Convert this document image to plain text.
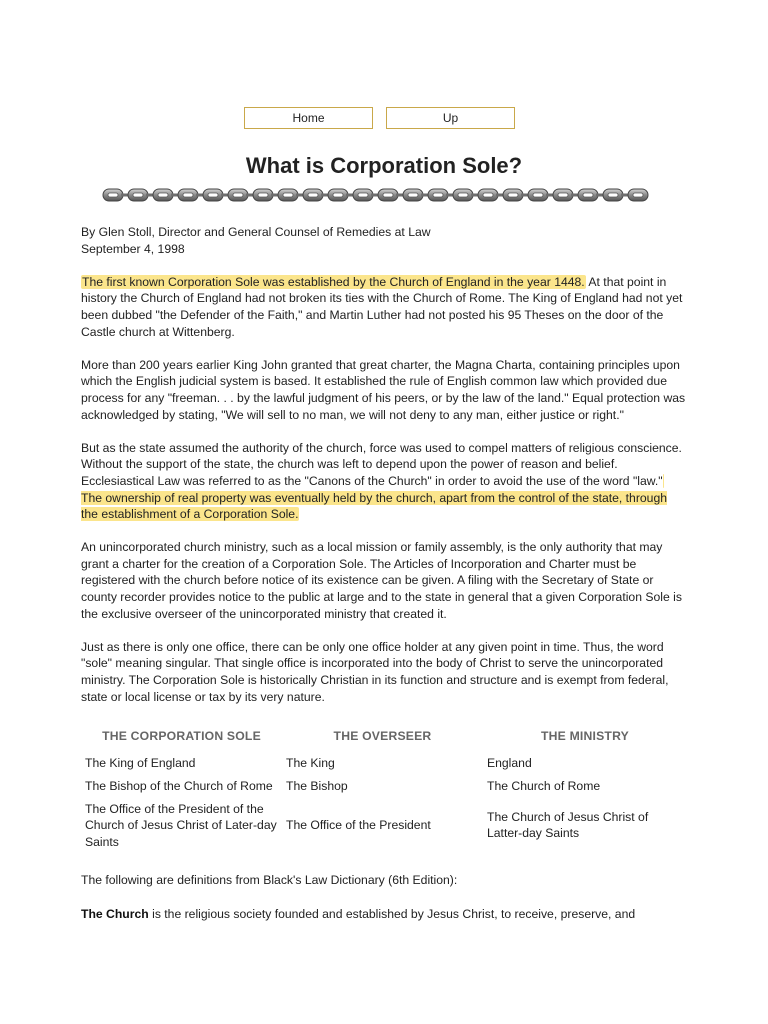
Home	Up
What is Corporation Sole?

By Glen Stoll, Director and General Counsel of Remedies at Law
September 4, 1998

The first known Corporation Sole was established by the Church of England in the year 1448. At that point in history the Church of England had not broken its ties with the Church of Rome. The King of England had not yet been dubbed "the Defender of the Faith," and Martin Luther had not posted his 95 Theses on the door of the Castle church at Wittenberg.

More than 200 years earlier King John granted that great charter, the Magna Charta, containing principles upon which the English judicial system is based. It established the rule of English common law which provided due process for any "freeman. . . by the lawful judgment of his peers, or by the law of the land." Equal protection was acknowledged by stating, "We will sell to no man, we will not deny to any man, either justice or right."

But as the state assumed the authority of the church, force was used to compel matters of religious conscience. Without the support of the state, the church was left to depend upon the power of reason and belief. Ecclesiastical Law was referred to as the "Canons of the Church" in order to avoid the use of the word "law." The ownership of real property was eventually held by the church, apart from the control of the state, through the establishment of a Corporation Sole.

An unincorporated church ministry, such as a local mission or family assembly, is the only authority that may grant a charter for the creation of a Corporation Sole. The Articles of Incorporation and Charter must be registered with the church before notice of its existence can be given. A filing with the Secretary of State or county recorder provides notice to the public at large and to the state in general that a given Corporation Sole is the exclusive overseer of the unincorporated ministry that created it.

Just as there is only one office, there can be only one office holder at any given point in time. Thus, the word "sole" meaning singular. That single office is incorporated into the body of Christ to serve the unincorporated ministry. The Corporation Sole is historically Christian in its function and structure and is exempt from federal, state or local license or tax by its very nature.

THE CORPORATION SOLE	THE OVERSEER	THE MINISTRY
The King of England	The King	England
The Bishop of the Church of Rome	The Bishop	The Church of Rome
The Office of the President of the Church of Jesus Christ of Later-day Saints	The Office of the President	The Church of Jesus Christ of Latter-day Saints

The following are definitions from Black's Law Dictionary (6th Edition):

The Church is the religious society founded and established by Jesus Christ, to receive, preserve, and
